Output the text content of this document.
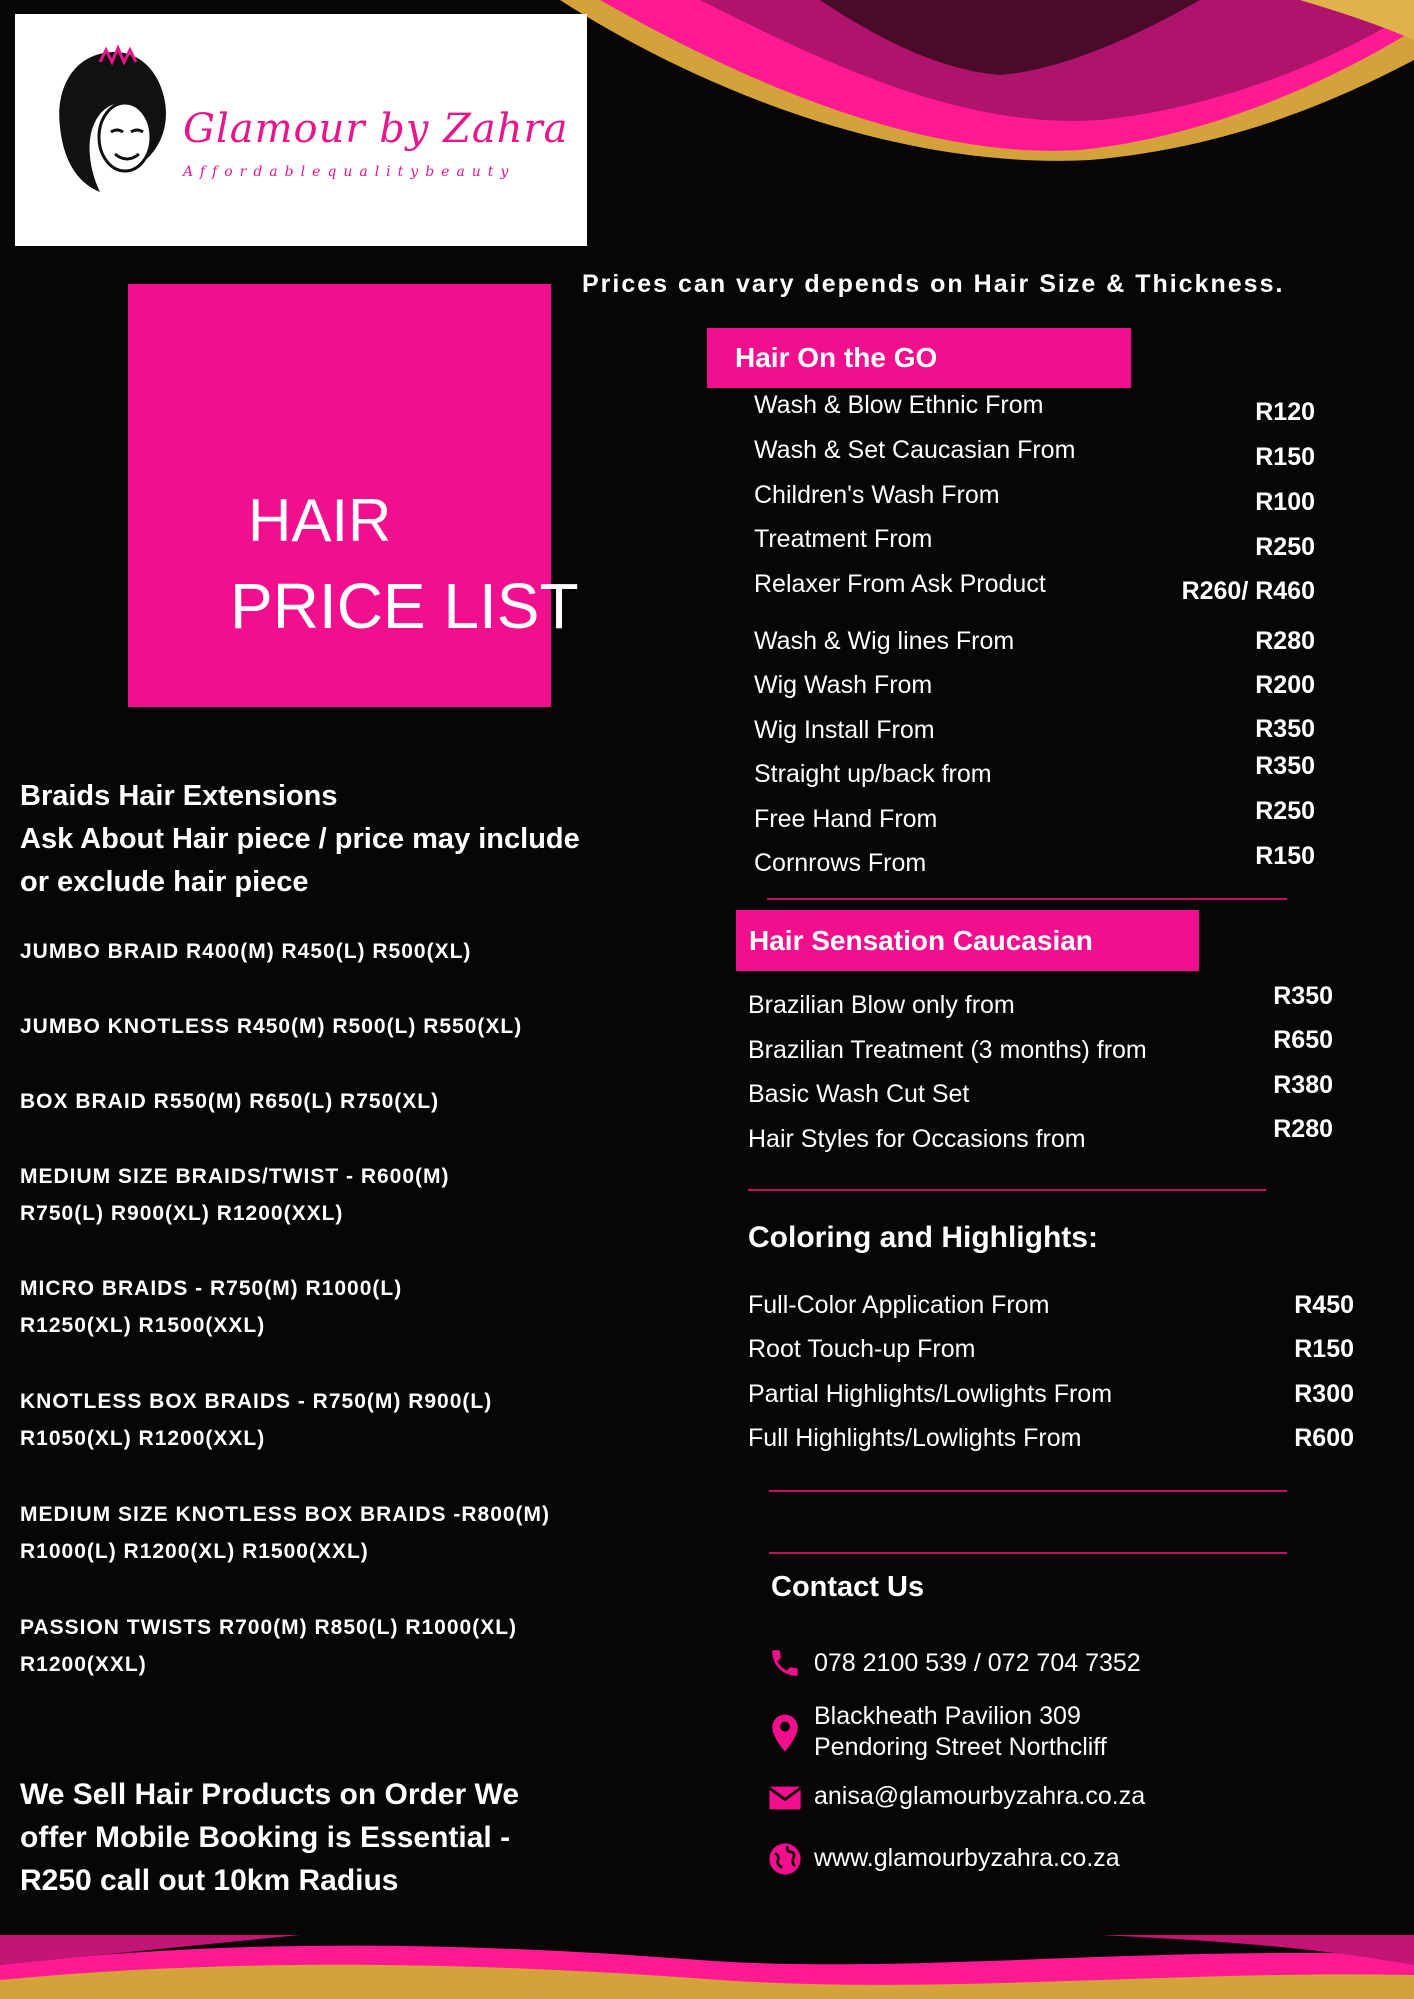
Glamour by Zahra
Affordablequalitybeauty
HAIR
PRICE LIST
Prices can vary depends on Hair Size & Thickness.
Hair On the GO
Wash & Blow Ethnic From	R120
Wash & Set Caucasian From	R150
Children's Wash From	R100
Treatment From	R250
Relaxer From Ask Product	R260/ R460
Wash & Wig lines From	R280
Wig Wash From	R200
Wig Install From	R350
Straight up/back from	R350
Free Hand From	R250
Cornrows From	R150
Hair Sensation Caucasian
Brazilian Blow only from	R350
Brazilian Treatment (3 months) from	R650
Basic Wash Cut Set	R380
Hair Styles for Occasions from	R280
Coloring and Highlights:
Full-Color Application From	R450
Root Touch-up From	R150
Partial Highlights/Lowlights From	R300
Full Highlights/Lowlights From	R600
Braids Hair Extensions
Ask About Hair piece / price may include or exclude hair piece
JUMBO BRAID R400(M) R450(L) R500(XL)
JUMBO KNOTLESS R450(M) R500(L) R550(XL)
BOX BRAID R550(M) R650(L) R750(XL)
MEDIUM SIZE BRAIDS/TWIST - R600(M)
R750(L) R900(XL) R1200(XXL)
MICRO BRAIDS - R750(M) R1000(L)
R1250(XL) R1500(XXL)
KNOTLESS BOX BRAIDS - R750(M) R900(L)
R1050(XL) R1200(XXL)
MEDIUM SIZE KNOTLESS BOX BRAIDS -R800(M)
R1000(L) R1200(XL) R1500(XXL)
PASSION TWISTS R700(M) R850(L) R1000(XL)
R1200(XXL)
Contact Us
078 2100 539 / 072 704 7352
Blackheath Pavilion 309
Pendoring Street Northcliff
anisa@glamourbyzahra.co.za
www.glamourbyzahra.co.za
We Sell Hair Products on Order We offer Mobile Booking is Essential - R250 call out 10km Radius
